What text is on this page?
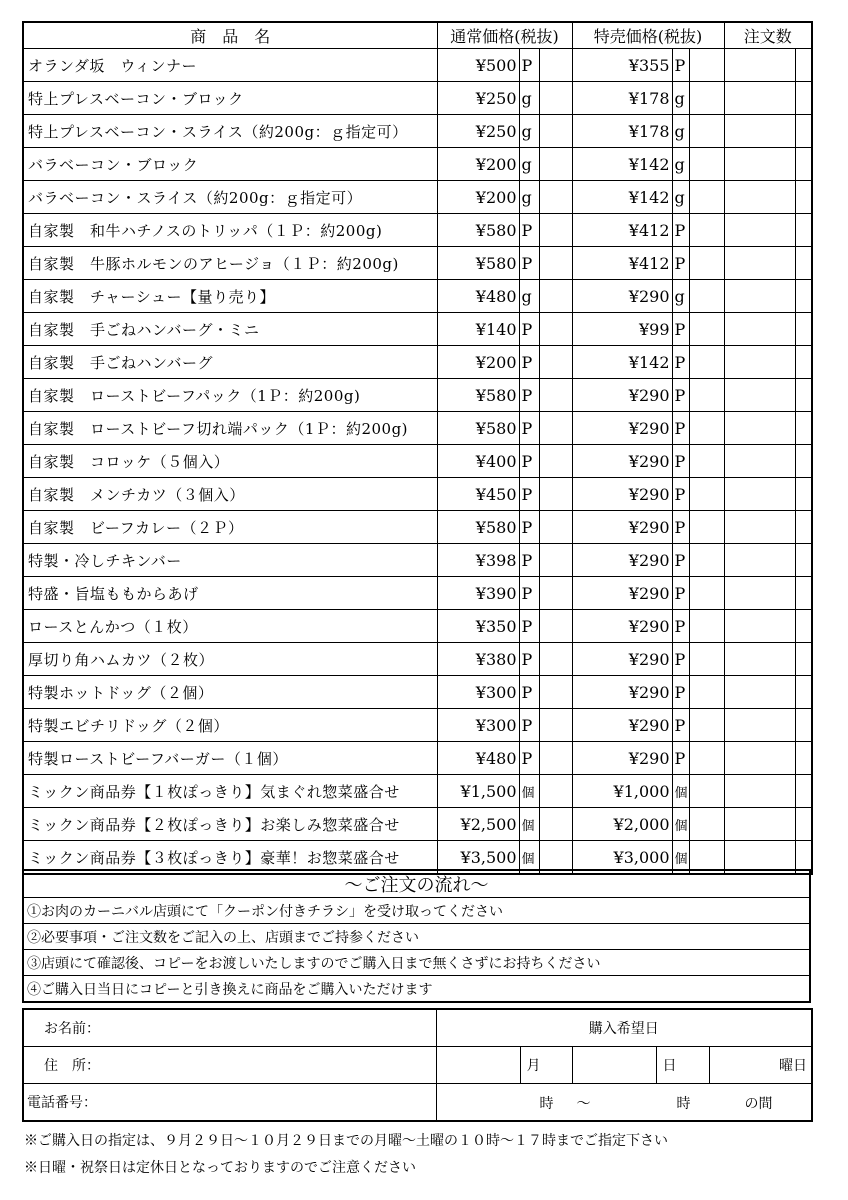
商　品　名	通常価格(税抜)			特売価格(税抜)			注文数	
オランダ坂　ウィンナー	¥500	P		¥355	P			
特上プレスベーコン・ブロック	¥250	g		¥178	g			
特上プレスベーコン・スライス（約200g：ｇ指定可）	¥250	g		¥178	g			
バラベーコン・ブロック	¥200	g		¥142	g			
バラベーコン・スライス（約200g：ｇ指定可）	¥200	g		¥142	g			
自家製　和牛ハチノスのトリッパ（１Ｐ：約200g)	¥580	P		¥412	P			
自家製　牛豚ホルモンのアヒージョ（１Ｐ：約200g)	¥580	P		¥412	P			
自家製　チャーシュー【量り売り】	¥480	g		¥290	g			
自家製　手ごねハンバーグ・ミニ	¥140	P		¥99	P			
自家製　手ごねハンバーグ	¥200	P		¥142	P			
自家製　ローストビーフパック（1Ｐ：約200g)	¥580	P		¥290	P			
自家製　ローストビーフ切れ端パック（1Ｐ：約200g)	¥580	P		¥290	P			
自家製　コロッケ（５個入）	¥400	P		¥290	P			
自家製　メンチカツ（３個入）	¥450	P		¥290	P			
自家製　ビーフカレー（２Ｐ）	¥580	P		¥290	P			
特製・冷しチキンバー	¥398	P		¥290	P			
特盛・旨塩ももからあげ	¥390	P		¥290	P			
ロースとんかつ（１枚）	¥350	P		¥290	P			
厚切り角ハムカツ（２枚）	¥380	P		¥290	P			
特製ホットドッグ（２個）	¥300	P		¥290	P			
特製エビチリドッグ（２個）	¥300	P		¥290	P			
特製ローストビーフバーガー（１個）	¥480	P		¥290	P			
ミックン商品券【１枚ぽっきり】気まぐれ惣菜盛合せ	¥1,500	個		¥1,000	個			
ミックン商品券【２枚ぽっきり】お楽しみ惣菜盛合せ	¥2,500	個		¥2,000	個			
ミックン商品券【３枚ぽっきり】豪華！お惣菜盛合せ	¥3,500	個		¥3,000	個			
～ご注文の流れ～
①お肉のカーニバル店頭にて「クーポン付きチラシ」を受け取ってください
②必要事項・ご注文数をご記入の上、店頭までご持参ください
③店頭にて確認後、コピーをお渡しいたしますのでご購入日まで無くさずにお持ちください
④ご購入日当日にコピーと引き換えに商品をご購入いただけます
お名前：	購入希望日				
住　所：		月		日	曜日
電話番号：	時 ～ 時 の間				
※ご購入日の指定は、９月２９日～１０月２９日までの月曜～土曜の１０時～１７時までご指定下さい
※日曜・祝祭日は定休日となっておりますのでご注意ください
